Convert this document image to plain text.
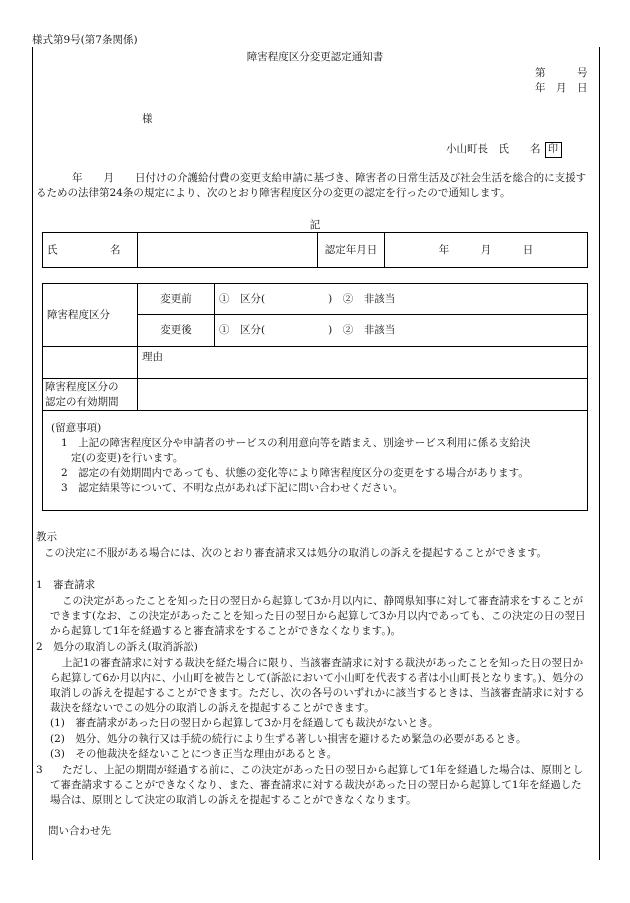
様式第9号(第7条関係)
障害程度区分変更認定通知書
第　　　号
年　月　日
様
小山町長　氏　　名 印
年　　月　　日付けの介護給付費の変更支給申請に基づき、障害者の日常生活及び社会生活を総合的に支援するための法律第24条の規定により、次のとおり障害程度区分の変更の認定を行ったので通知します。
記
氏　　　　　名		認定年月日	年　　　月　　　日
障害程度区分	変更前	①　区分(　　　　　　)　②　非該当
	変更後	①　区分(　　　　　　)　②　非該当
	理由	
障害程度区分の
認定の有効期間		

(留意事項)
1　上記の障害程度区分や申請者のサービスの利用意向等を踏まえ、別途サービス利用に係る支給決
定(の変更)を行います。
2　認定の有効期間内であっても、状態の変化等により障害程度区分の変更をする場合があります。
3　認定結果等について、不明な点があれば下記に問い合わせください。		
教示
この決定に不服がある場合には、次のとおり審査請求又は処分の取消しの訴えを提起することができます。
1　審査請求
この決定があったことを知った日の翌日から起算して3か月以内に、静岡県知事に対して審査請求をすることができます(なお、この決定があったことを知った日の翌日から起算して3か月以内であっても、この決定の日の翌日から起算して1年を経過すると審査請求をすることができなくなります。)。
2　処分の取消しの訴え(取消訴訟)
上記1の審査請求に対する裁決を経た場合に限り、当該審査請求に対する裁決があったことを知った日の翌日から起算して6か月以内に、小山町を被告として(訴訟において小山町を代表する者は小山町長となります。)、処分の取消しの訴えを提起することができます。ただし、次の各号のいずれかに該当するときは、当該審査請求に対する裁決を経ないでこの処分の取消しの訴えを提起することができます。
(1)　審査請求があった日の翌日から起算して3か月を経過しても裁決がないとき。
(2)　処分、処分の執行又は手続の続行により生ずる著しい損害を避けるため緊急の必要があるとき。
(3)　その他裁決を経ないことにつき正当な理由があるとき。
3	ただし、上記の期間が経過する前に、この決定があった日の翌日から起算して1年を経過した場合は、原則として審査請求することができなくなり、また、審査請求に対する裁決があった日の翌日から起算して1年を経過した場合は、原則として決定の取消しの訴えを提起することができなくなります。
問い合わせ先
